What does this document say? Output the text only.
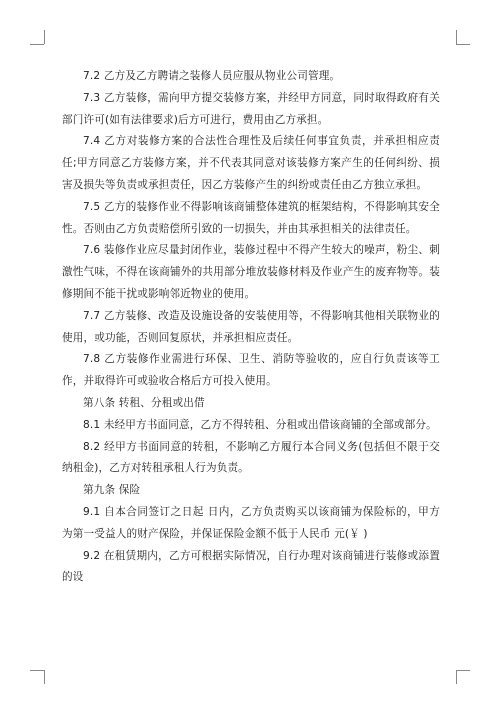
7.2 乙方及乙方聘请之装修人员应服从物业公司管理。

7.3 乙方装修，需向甲方提交装修方案，并经甲方同意，同时取得政府有关部门许可(如有法律要求)后方可进行，费用由乙方承担。

7.4 乙方对装修方案的合法性合理性及后续任何事宜负责，并承担相应责任;甲方同意乙方装修方案，并不代表其同意对该装修方案产生的任何纠纷、损害及损失等负责或承担责任，因乙方装修产生的纠纷或责任由乙方独立承担。

7.5 乙方的装修作业不得影响该商铺整体建筑的框架结构，不得影响其安全性。否则由乙方负责赔偿所引致的一切损失，并由其承担相关的法律责任。

7.6 装修作业应尽量封闭作业，装修过程中不得产生较大的噪声，粉尘、刺激性气味，不得在该商铺外的共用部分堆放装修材料及作业产生的废弃物等。装修期间不能干扰或影响邻近物业的使用。

7.7 乙方装修、改造及设施设备的安装使用等，不得影响其他相关联物业的使用，或功能，否则回复原状，并承担相应责任。

7.8 乙方装修作业需进行环保、卫生、消防等验收的，应自行负责该等工作，并取得许可或验收合格后方可投入使用。

第八条 转租、分租或出借

8.1 未经甲方书面同意，乙方不得转租、分租或出借该商铺的全部或部分。

8.2 经甲方书面同意的转租，不影响乙方履行本合同义务(包括但不限于交纳租金)，乙方对转租承租人行为负责。

第九条 保险

9.1 自本合同签订之日起 日内，乙方负责购买以该商铺为保险标的，甲方为第一受益人的财产保险，并保证保险金额不低于人民币 元(￥ )

9.2 在租赁期内，乙方可根据实际情况，自行办理对该商铺进行装修或添置的设
